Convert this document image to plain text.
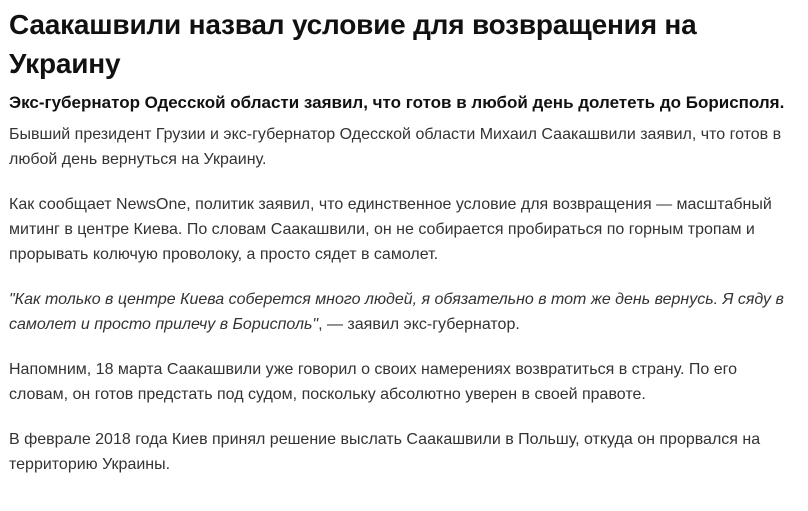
Саакашвили назвал условие для возвращения на Украину

Экс-губернатор Одесской области заявил, что готов в любой день долететь до Борисполя.

Бывший президент Грузии и экс-губернатор Одесской области Михаил Саакашвили заявил, что готов в любой день вернуться на Украину.

Как сообщает NewsOne, политик заявил, что единственное условие для возвращения — масштабный митинг в центре Киева. По словам Саакашвили, он не собирается пробираться по горным тропам и прорывать колючую проволоку, а просто сядет в самолет.

"Как только в центре Киева соберется много людей, я обязательно в тот же день вернусь. Я сяду в самолет и просто прилечу в Борисполь", — заявил экс-губернатор.

Напомним, 18 марта Саакашвили уже говорил о своих намерениях возвратиться в страну. По его словам, он готов предстать под судом, поскольку абсолютно уверен в своей правоте.

В феврале 2018 года Киев принял решение выслать Саакашвили в Польшу, откуда он прорвался на территорию Украины.
